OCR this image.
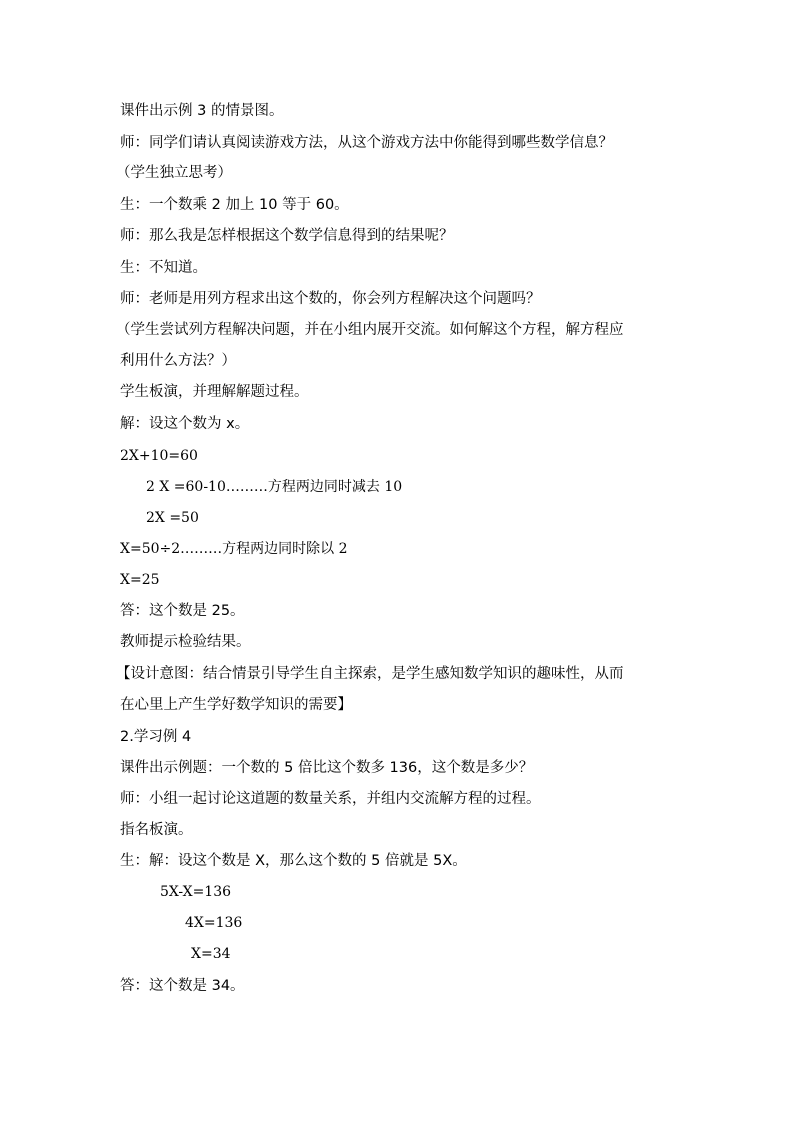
课件出示例 3 的情景图。
师：同学们请认真阅读游戏方法，从这个游戏方法中你能得到哪些数学信息？
（学生独立思考）
生：一个数乘 2 加上 10 等于 60。
师：那么我是怎样根据这个数学信息得到的结果呢？
生：不知道。
师：老师是用列方程求出这个数的，你会列方程解决这个问题吗？
（学生尝试列方程解决问题，并在小组内展开交流。如何解这个方程，解方程应
利用什么方法？）
学生板演，并理解解题过程。
解：设这个数为 x。
2X+10=60
2 X =60-10………方程两边同时减去 10
2X =50
X=50÷2………方程两边同时除以 2
X=25
答：这个数是 25。
教师提示检验结果。
【设计意图：结合情景引导学生自主探索，是学生感知数学知识的趣味性，从而
在心里上产生学好数学知识的需要】
2.学习例 4
课件出示例题：一个数的 5 倍比这个数多 136，这个数是多少？
师：小组一起讨论这道题的数量关系，并组内交流解方程的过程。
指名板演。
生：解：设这个数是 X，那么这个数的 5 倍就是 5X。
5X-X=136
4X=136
X=34
答：这个数是 34。
